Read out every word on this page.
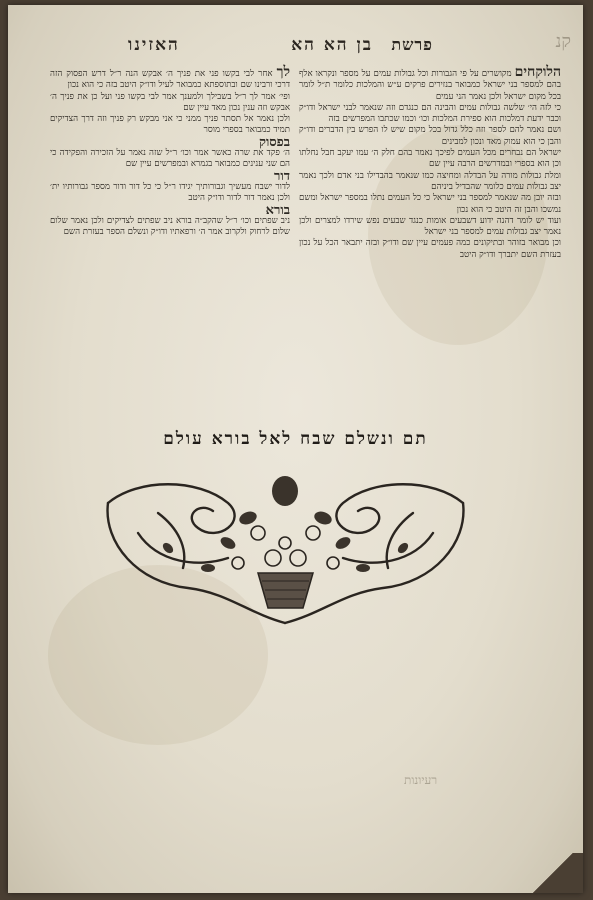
קנ
פרשת
בן הא הא
האזינו

הלוקחים מקושרים על פי הגבורות וכל גבולות עמים על מספר ונקראו אלף בהם למספר בני ישראל כמבואר בנזירים פרקים ע״ש והמלכות כלומר ת״ל לומר בכל מקום ישראל ולכן נאמר הני עמים

כי לזה הי׳ שלשה גבולות עמים והבינה הם כנגדם וזה שנאמר לבני ישראל ודו״ק וכבר ידעת דמלכות הוא ספירת המלכות וכו׳ וכמו שכתבו המפרשים בזה

ושם נאמר להם לספר וזה כלל גדול בכל מקום שיש לו הפרש בין הדברים ודו״ק והבן כי הוא עמוק מאד ונכון למבינים

ישראל הם נבחרים מכל העמים לפיכך נאמר בהם חלק ה׳ עמו יעקב חבל נחלתו וכן הוא בספרי ובמדרשים הרבה עיין שם

ומלת גבולות מורה על הבדלה ומחיצה כמו שנאמר בהבדילו בני אדם ולכך נאמר יצב גבולות עמים כלומר שהבדיל ביניהם

ובזה יובן מה שנאמר למספר בני ישראל כי כל העמים נתלו במספר ישראל ומשם נמשכו והבן זה היטב כי הוא נכון

ועוד יש לומר דהנה ידוע דשבעים אומות כנגד שבעים נפש שירדו למצרים ולכן נאמר יצב גבולות עמים למספר בני ישראל

וכן מבואר בזוהר ובתיקונים כמה פעמים עיין שם ודו״ק ובזה יתבאר הכל על נכון בעזרת השם יתברך ודו״ק היטב

לך אחר לבי בקשו פני את פניך ה׳ אבקש הנה ר״ל דרש הפסוק הזה דרכי ורבינו שם ובתוספתא כמבואר לעיל ודו״ק היטב בזה כי הוא נכון

ופי׳ אמר לך ר״ל בשבילך ולמענך אמר לבי בקשו פני ועל כן את פניך ה׳ אבקש וזה ענין נכון מאד עיין שם

ולכן נאמר אל תסתר פניך ממני כי אני מבקש רק פניך וזה דרך הצדיקים תמיד כמבואר בספרי מוסר

בפסוק

ה׳ פקד את שרה כאשר אמר וכו׳ ר״ל שזה נאמר על הזכירה והפקידה כי הם שני ענינים כמבואר בגמרא ובמפרשים עיין שם

דור

לדור ישבח מעשיך וגבורותיך יגידו ר״ל כי כל דור ודור מספר גבורותיו ית׳ ולכן נאמר דור לדור ודו״ק היטב

בורא

ניב שפתים וכו׳ ר״ל שהקב״ה בורא ניב שפתים לצדיקים ולכן נאמר שלום שלום לרחוק ולקרוב אמר ה׳ ורפאתיו ודו״ק ונשלם הספר בעזרת השם

תם ונשלם שבח לאל בורא עולם
רעיונות
